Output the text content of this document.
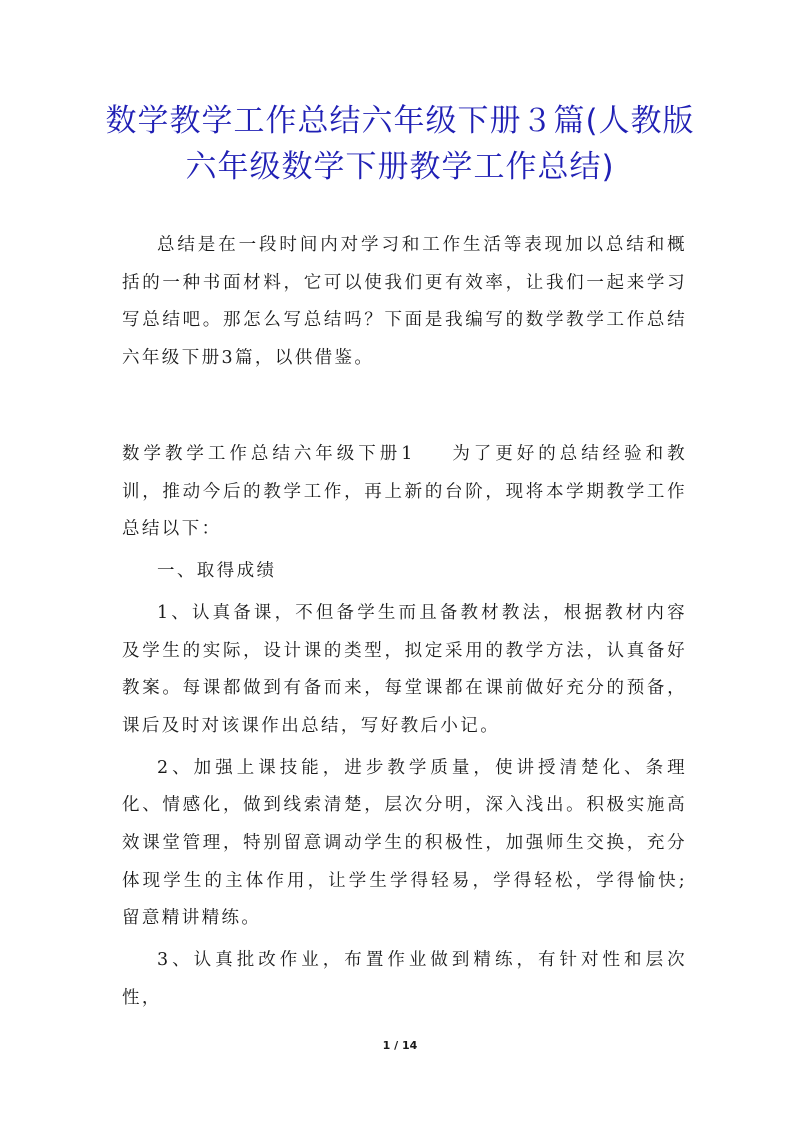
数学教学工作总结六年级下册３篇(人教版
六年级数学下册教学工作总结)

总结是在一段时间内对学习和工作生活等表现加以总结和概括的一种书面材料，它可以使我们更有效率，让我们一起来学习写总结吧。那怎么写总结吗？下面是我编写的数学教学工作总结六年级下册3篇，以供借鉴。

数学教学工作总结六年级下册1 为了更好的总结经验和教训，推动今后的教学工作，再上新的台阶，现将本学期教学工作总结以下：

一、取得成绩

1、认真备课，不但备学生而且备教材教法，根据教材内容及学生的实际，设计课的类型，拟定采用的教学方法，认真备好教案。每课都做到有备而来，每堂课都在课前做好充分的预备，课后及时对该课作出总结，写好教后小记。

2、加强上课技能，进步教学质量，使讲授清楚化、条理化、情感化，做到线索清楚，层次分明，深入浅出。积极实施高效课堂管理，特别留意调动学生的积极性，加强师生交换，充分体现学生的主体作用，让学生学得轻易，学得轻松，学得愉快;留意精讲精练。

3、认真批改作业，布置作业做到精练，有针对性和层次性，

1 / 14
